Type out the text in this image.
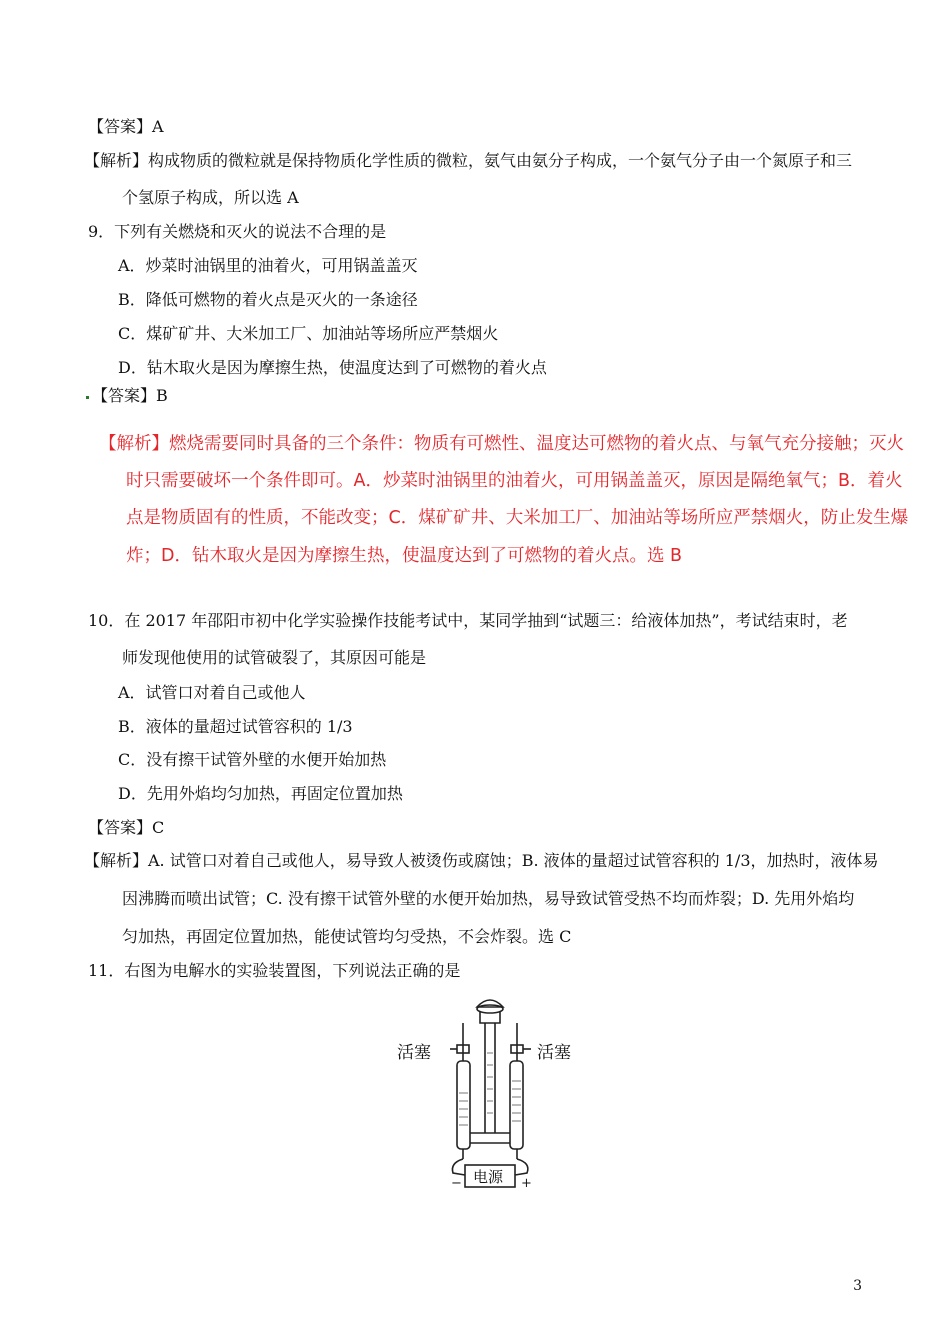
【答案】A
【解析】构成物质的微粒就是保持物质化学性质的微粒，氨气由氨分子构成，一个氨气分子由一个氮原子和三
个氢原子构成，所以选 A
9．下列有关燃烧和灭火的说法不合理的是
A．炒菜时油锅里的油着火，可用锅盖盖灭
B．降低可燃物的着火点是灭火的一条途径
C．煤矿矿井、大米加工厂、加油站等场所应严禁烟火
D．钻木取火是因为摩擦生热，使温度达到了可燃物的着火点
【答案】B
【解析】燃烧需要同时具备的三个条件：物质有可燃性、温度达可燃物的着火点、与氧气充分接触；灭火
时只需要破坏一个条件即可。A．炒菜时油锅里的油着火，可用锅盖盖灭，原因是隔绝氧气；B．着火
点是物质固有的性质，不能改变；C．煤矿矿井、大米加工厂、加油站等场所应严禁烟火，防止发生爆
炸；D．钻木取火是因为摩擦生热，使温度达到了可燃物的着火点。选 B
10．在 2017 年邵阳市初中化学实验操作技能考试中，某同学抽到“试题三：给液体加热”，考试结束时，老
师发现他使用的试管破裂了，其原因可能是
A．试管口对着自己或他人
B．液体的量超过试管容积的 1/3
C．没有擦干试管外壁的水便开始加热
D．先用外焰均匀加热，再固定位置加热
【答案】C
【解析】A. 试管口对着自己或他人，易导致人被烫伤或腐蚀；B. 液体的量超过试管容积的 1/3，加热时，液体易
因沸腾而喷出试管；C. 没有擦干试管外壁的水便开始加热，易导致试管受热不均而炸裂；D. 先用外焰均
匀加热，再固定位置加热，能使试管均匀受热，不会炸裂。选 C
11．右图为电解水的实验装置图，下列说法正确的是
活塞	活塞
电源
−	+
3
